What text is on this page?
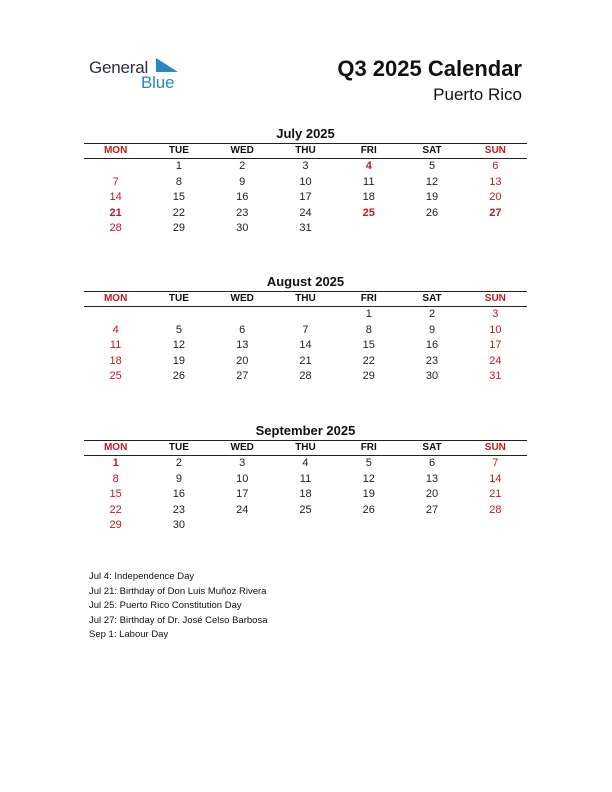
General
Blue
Q3 2025 Calendar
Puerto Rico
July 2025
MON	TUE	WED	THU	FRI	SAT	SUN
	1	2	3	4	5	6
7	8	9	10	11	12	13
14	15	16	17	18	19	20
21	22	23	24	25	26	27
28	29	30	31			
August 2025
MON	TUE	WED	THU	FRI	SAT	SUN
				1	2	3
4	5	6	7	8	9	10
11	12	13	14	15	16	17
18	19	20	21	22	23	24
25	26	27	28	29	30	31
September 2025
MON	TUE	WED	THU	FRI	SAT	SUN
1	2	3	4	5	6	7
8	9	10	11	12	13	14
15	16	17	18	19	20	21
22	23	24	25	26	27	28
29	30					
Jul 4: Independence Day
Jul 21: Birthday of Don Luis Muñoz Rivera
Jul 25: Puerto Rico Constitution Day
Jul 27: Birthday of Dr. José Celso Barbosa
Sep 1: Labour Day
